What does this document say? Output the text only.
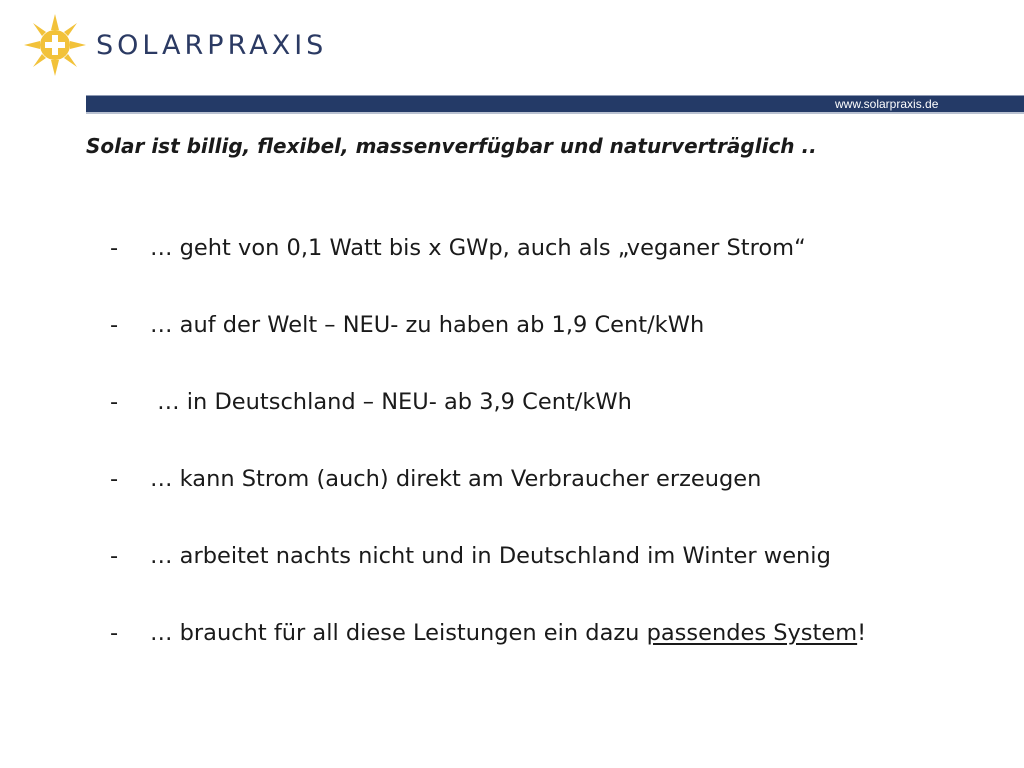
SOLARPRAXIS
www.solarpraxis.de
Solar ist billig, flexibel, massenverfügbar und naturverträglich ..
-	… geht von 0,1 Watt bis x GWp, auch als „veganer Strom“
-	… auf der Welt – NEU- zu haben ab 1,9 Cent/kWh
-	… in Deutschland – NEU- ab 3,9 Cent/kWh
-	… kann Strom (auch) direkt am Verbraucher erzeugen
-	… arbeitet nachts nicht und in Deutschland im Winter wenig
-	… braucht für all diese Leistungen ein dazu passendes System!
